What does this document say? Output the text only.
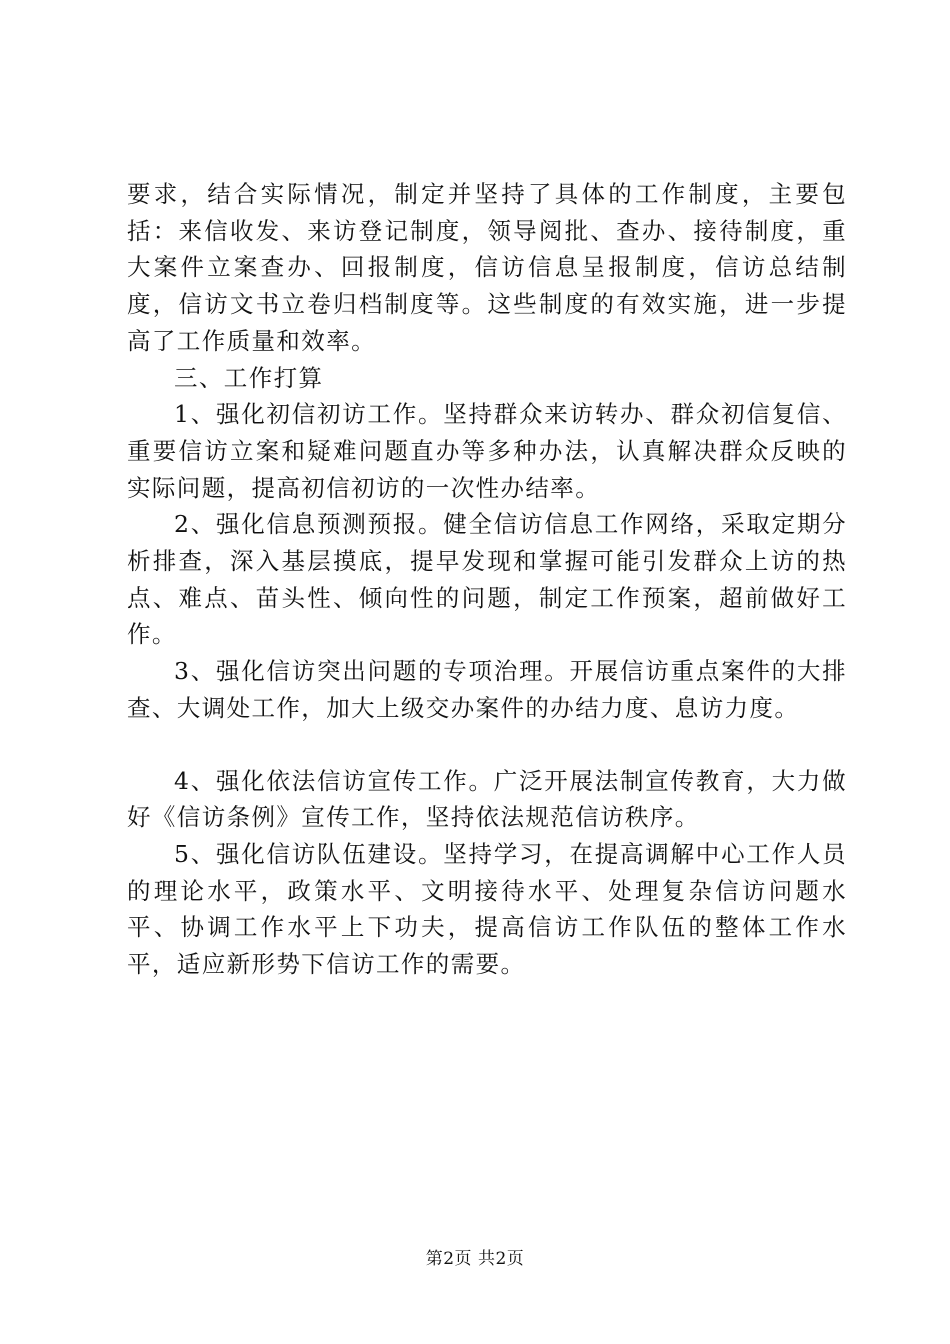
要求，结合实际情况，制定并坚持了具体的工作制度，主要包括：来信收发、来访登记制度，领导阅批、查办、接待制度，重大案件立案查办、回报制度，信访信息呈报制度，信访总结制度，信访文书立卷归档制度等。这些制度的有效实施，进一步提高了工作质量和效率。

三、工作打算

1、强化初信初访工作。坚持群众来访转办、群众初信复信、重要信访立案和疑难问题直办等多种办法，认真解决群众反映的实际问题，提高初信初访的一次性办结率。

2、强化信息预测预报。健全信访信息工作网络，采取定期分析排查，深入基层摸底，提早发现和掌握可能引发群众上访的热点、难点、苗头性、倾向性的问题，制定工作预案，超前做好工作。

3、强化信访突出问题的专项治理。开展信访重点案件的大排查、大调处工作，加大上级交办案件的办结力度、息访力度。

4、强化依法信访宣传工作。广泛开展法制宣传教育，大力做好《信访条例》宣传工作，坚持依法规范信访秩序。

5、强化信访队伍建设。坚持学习，在提高调解中心工作人员的理论水平，政策水平、文明接待水平、处理复杂信访问题水平、协调工作水平上下功夫，提高信访工作队伍的整体工作水平，适应新形势下信访工作的需要。

第2页 共2页
